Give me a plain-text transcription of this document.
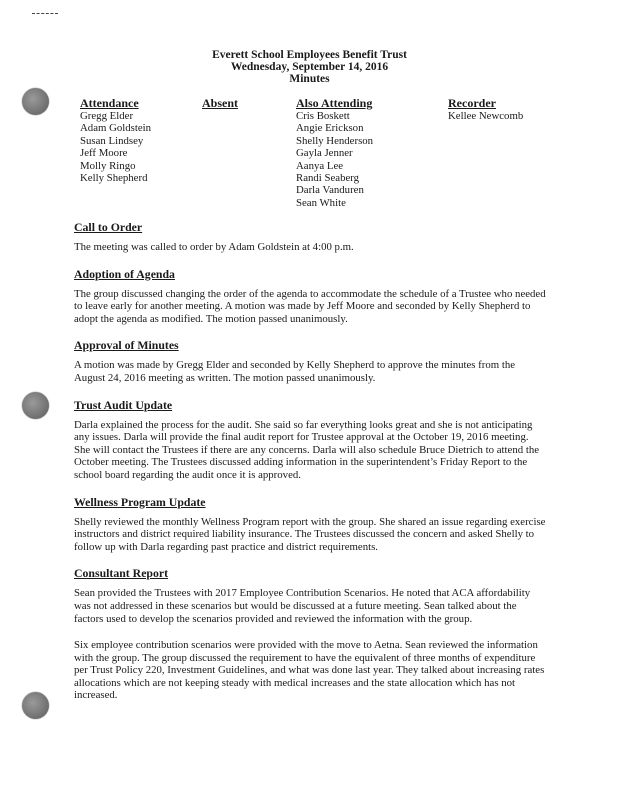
Everett School Employees Benefit Trust
Wednesday, September 14, 2016
Minutes
Attendance
Gregg Elder
Adam Goldstein
Susan Lindsey
Jeff Moore
Molly Ringo
Kelly Shepherd
Absent	Also Attending
Cris Boskett
Angie Erickson
Shelly Henderson
Gayla Jenner
Aanya Lee
Randi Seaberg
Darla Vanduren
Sean White
Recorder
Kellee Newcomb
Call to Order
The meeting was called to order by Adam Goldstein at 4:00 p.m.
Adoption of Agenda
The group discussed changing the order of the agenda to accommodate the schedule of a Trustee who needed to leave early for another meeting. A motion was made by Jeff Moore and seconded by Kelly Shepherd to adopt the agenda as modified. The motion passed unanimously.
Approval of Minutes
A motion was made by Gregg Elder and seconded by Kelly Shepherd to approve the minutes from the August 24, 2016 meeting as written. The motion passed unanimously.
Trust Audit Update
Darla explained the process for the audit. She said so far everything looks great and she is not anticipating any issues. Darla will provide the final audit report for Trustee approval at the October 19, 2016 meeting. She will contact the Trustees if there are any concerns. Darla will also schedule Bruce Dietrich to attend the October meeting. The Trustees discussed adding information in the superintendent’s Friday Report to the school board regarding the audit once it is approved.
Wellness Program Update
Shelly reviewed the monthly Wellness Program report with the group. She shared an issue regarding exercise instructors and district required liability insurance. The Trustees discussed the concern and asked Shelly to follow up with Darla regarding past practice and district requirements.
Consultant Report
Sean provided the Trustees with 2017 Employee Contribution Scenarios. He noted that ACA affordability was not addressed in these scenarios but would be discussed at a future meeting. Sean talked about the factors used to develop the scenarios provided and reviewed the information with the group.
Six employee contribution scenarios were provided with the move to Aetna. Sean reviewed the information with the group. The group discussed the requirement to have the equivalent of three months of expenditure per Trust Policy 220, Investment Guidelines, and what was done last year. They talked about increasing rates allocations which are not keeping steady with medical increases and the state allocation which has not increased.
